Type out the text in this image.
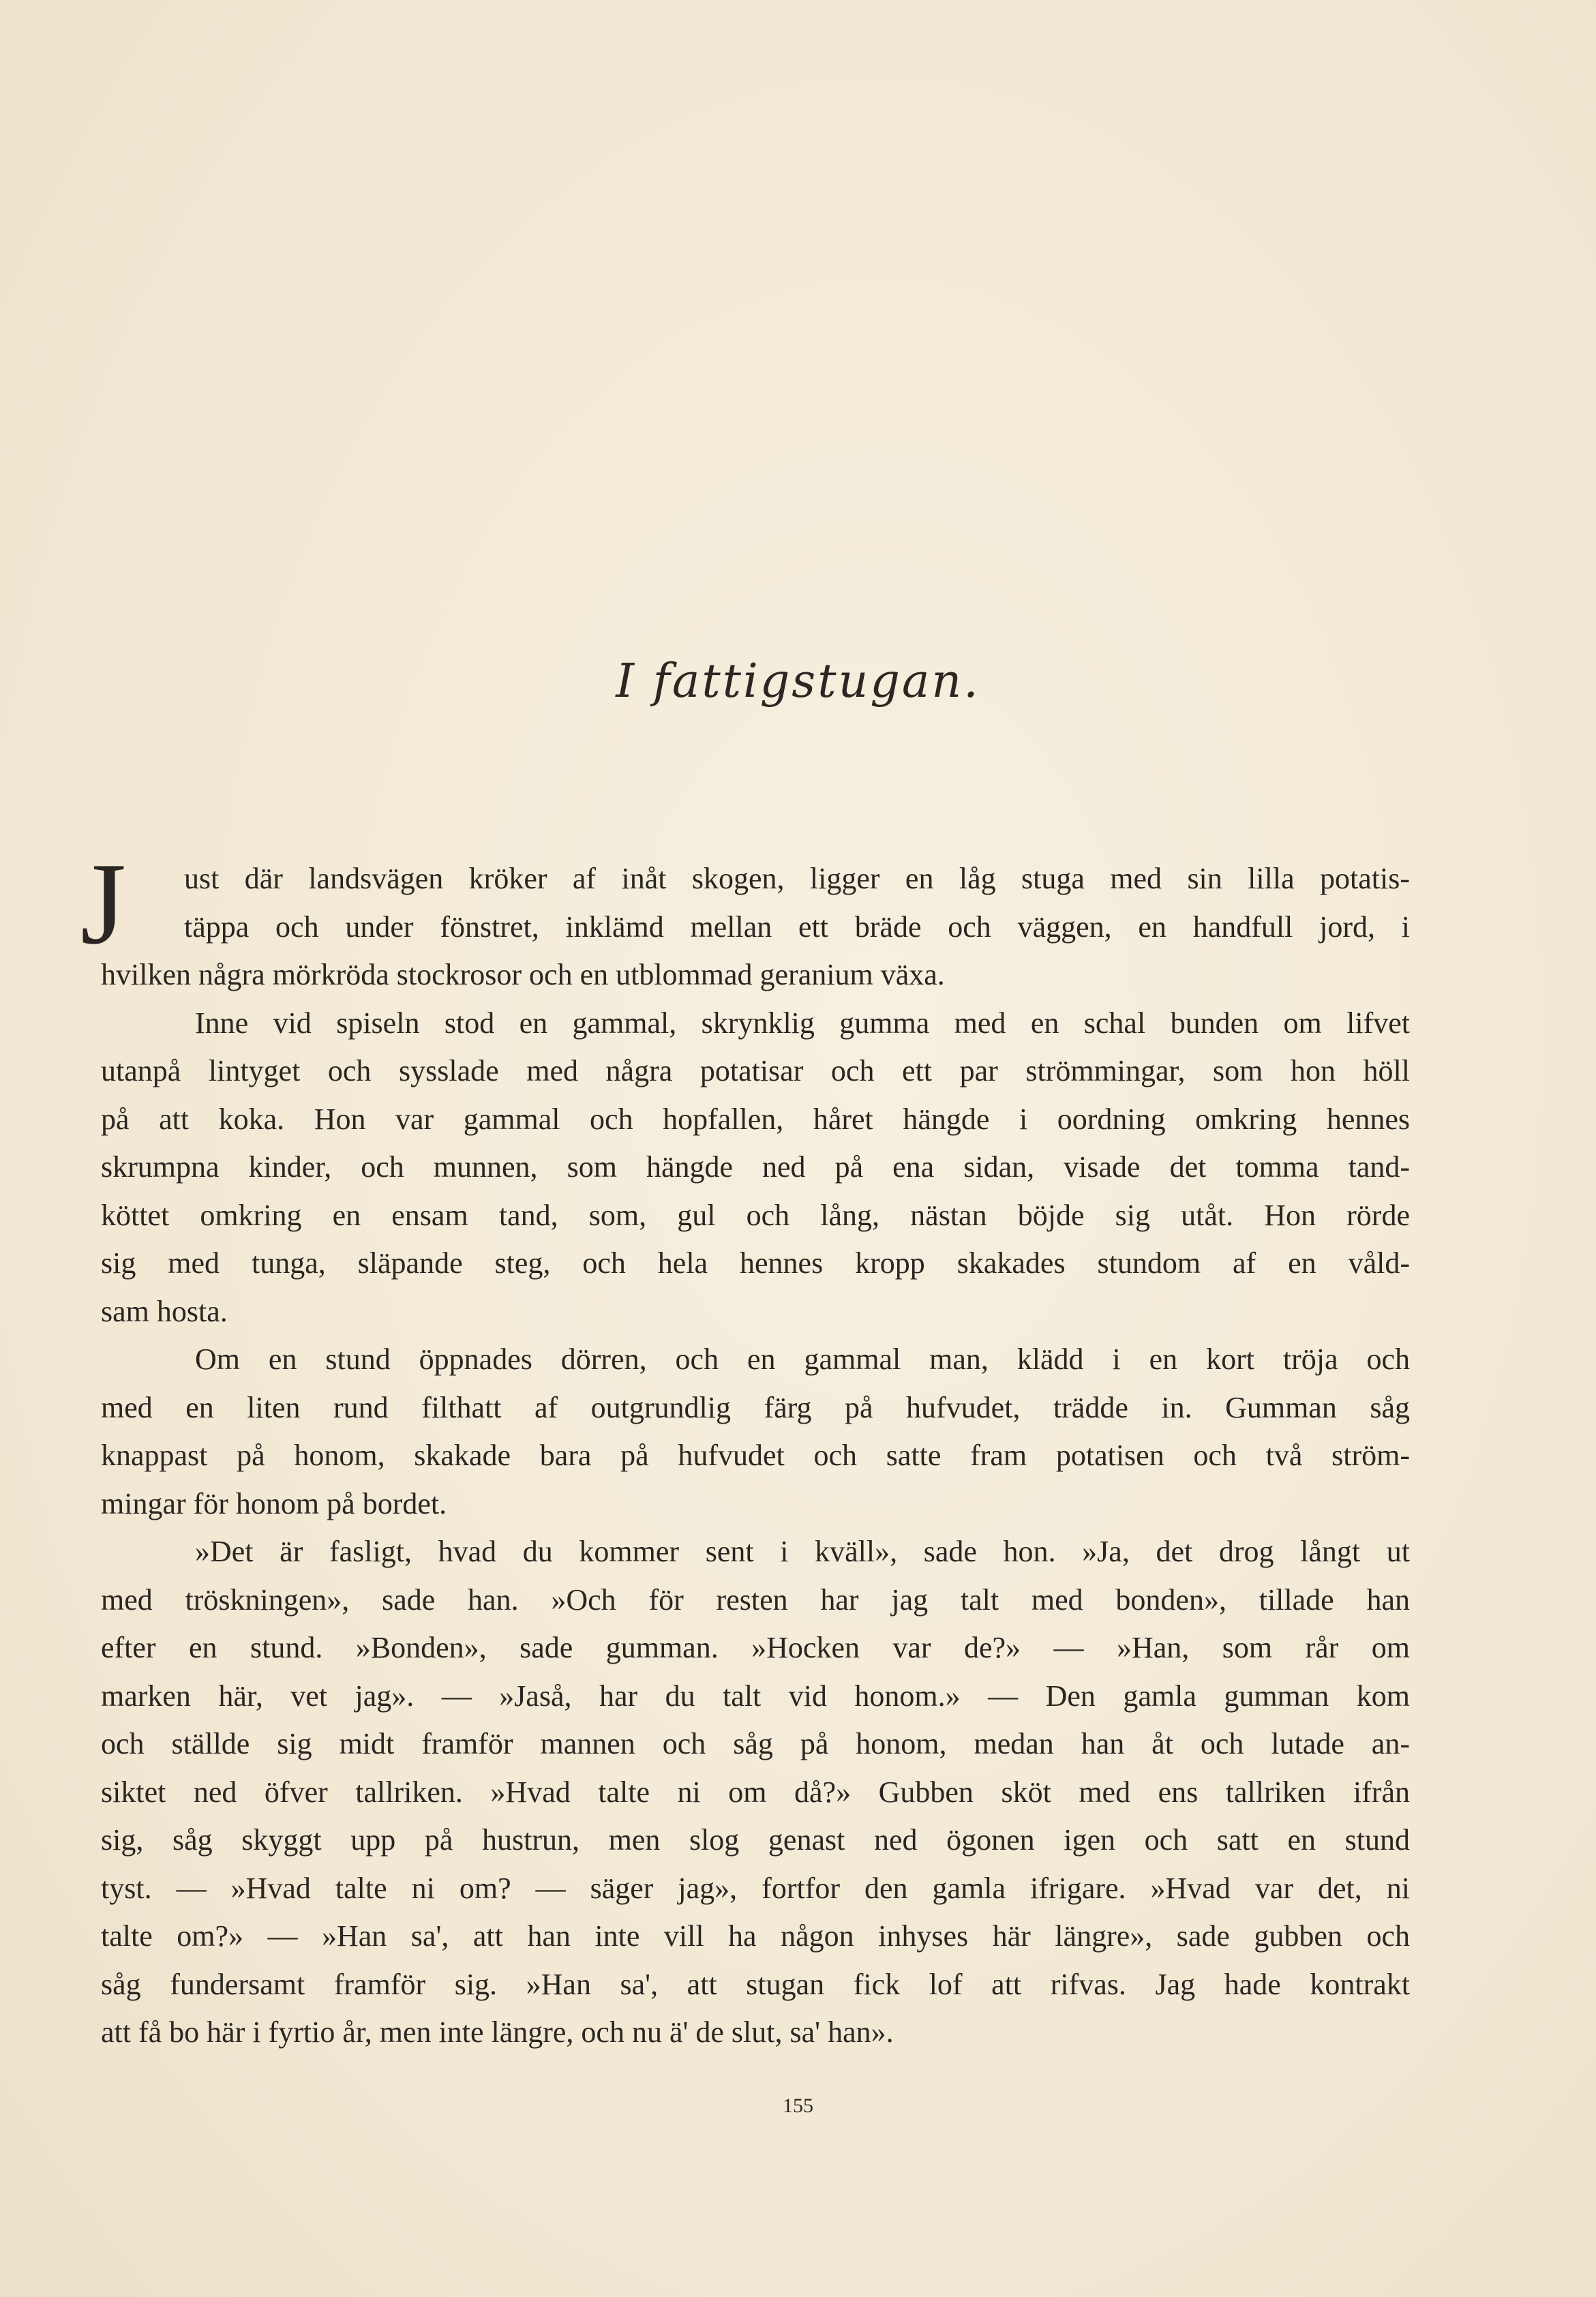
I fattigstugan.
J	ust där landsvägen kröker af inåt skogen, ligger en låg stuga med sin lilla potatis-
täppa och under fönstret, inklämd mellan ett bräde och väggen, en handfull jord, i
hvilken några mörkröda stockrosor och en utblommad geranium växa.
Inne vid spiseln stod en gammal, skrynklig gumma med en schal bunden om lifvet
utanpå lintyget och sysslade med några potatisar och ett par strömmingar, som hon höll
på att koka. Hon var gammal och hopfallen, håret hängde i oordning omkring hennes
skrumpna kinder, och munnen, som hängde ned på ena sidan, visade det tomma tand-
köttet omkring en ensam tand, som, gul och lång, nästan böjde sig utåt. Hon rörde
sig med tunga, släpande steg, och hela hennes kropp skakades stundom af en våld-
sam hosta.
Om en stund öppnades dörren, och en gammal man, klädd i en kort tröja och
med en liten rund filthatt af outgrundlig färg på hufvudet, trädde in. Gumman såg
knappast på honom, skakade bara på hufvudet och satte fram potatisen och två ström-
mingar för honom på bordet.
»Det är fasligt, hvad du kommer sent i kväll», sade hon. »Ja, det drog långt ut
med tröskningen», sade han. »Och för resten har jag talt med bonden», tillade han
efter en stund. »Bonden», sade gumman. »Hocken var de?» — »Han, som rår om
marken här, vet jag». — »Jaså, har du talt vid honom.» — Den gamla gumman kom
och ställde sig midt framför mannen och såg på honom, medan han åt och lutade an-
siktet ned öfver tallriken. »Hvad talte ni om då?» Gubben sköt med ens tallriken ifrån
sig, såg skyggt upp på hustrun, men slog genast ned ögonen igen och satt en stund
tyst. — »Hvad talte ni om? — säger jag», fortfor den gamla ifrigare. »Hvad var det, ni
talte om?» — »Han sa', att han inte vill ha någon inhyses här längre», sade gubben och
såg fundersamt framför sig. »Han sa', att stugan fick lof att rifvas. Jag hade kontrakt
att få bo här i fyrtio år, men inte längre, och nu ä' de slut, sa' han».
155
